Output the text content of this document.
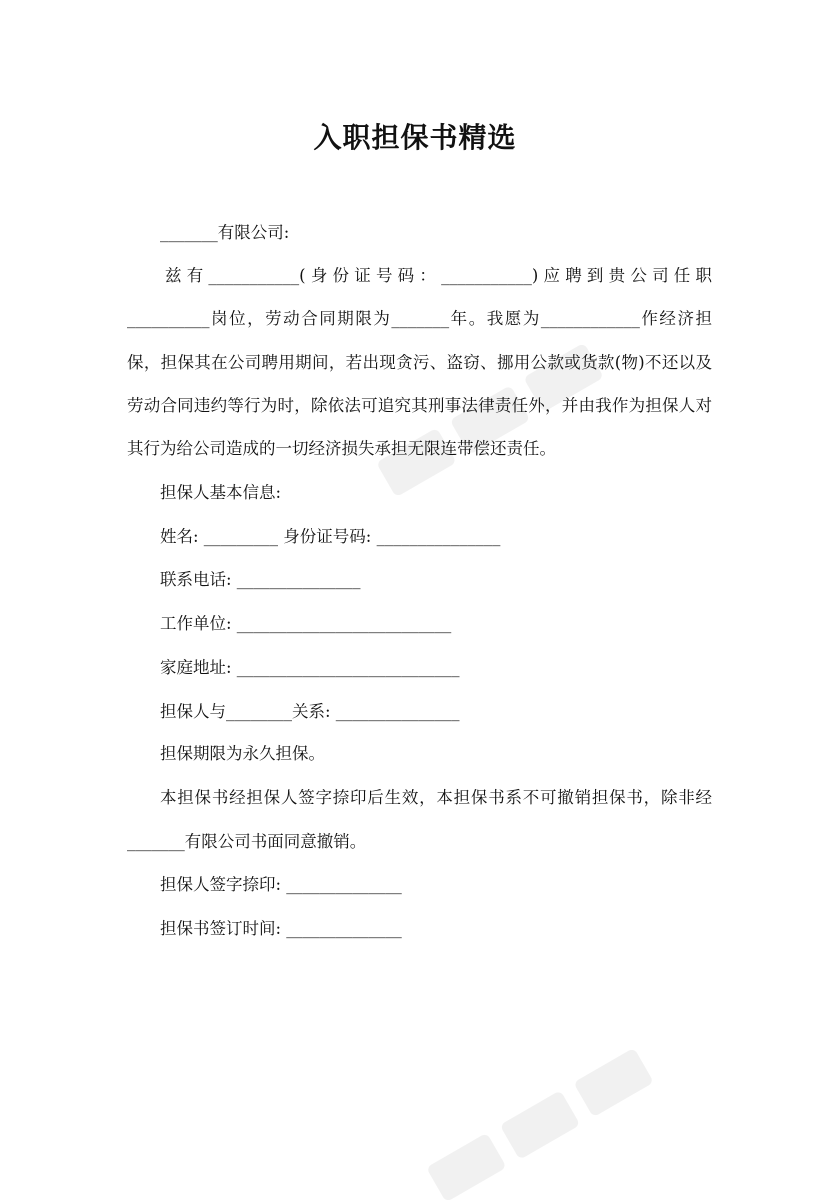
入职担保书精选
_______有限公司:
兹有___________(身份证号码：___________)应聘到贵公司任职
__________岗位，劳动合同期限为_______年。我愿为____________作经济担
保，担保其在公司聘用期间，若出现贪污、盗窃、挪用公款或货款(物)不还以及
劳动合同违约等行为时，除依法可追究其刑事法律责任外，并由我作为担保人对
其行为给公司造成的一切经济损失承担无限连带偿还责任。
担保人基本信息:
姓名: _________ 身份证号码: _______________
联系电话: _______________
工作单位: __________________________
家庭地址: ___________________________
担保人与________关系: _______________
担保期限为永久担保。
本担保书经担保人签字捺印后生效，本担保书系不可撤销担保书，除非经
_______有限公司书面同意撤销。
担保人签字捺印: ______________
担保书签订时间: ______________
